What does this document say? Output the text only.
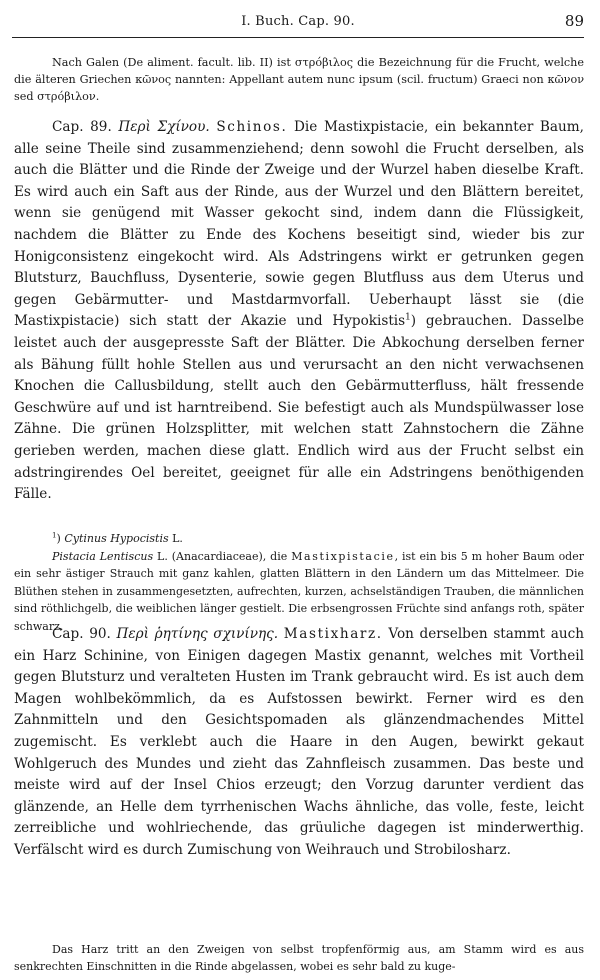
I. Buch. Cap. 90.	89

Nach Galen (De aliment. facult. lib. II) ist στρόβιλος die Bezeichnung für die Frucht, welche die älteren Griechen κῶνος nannten: Appellant autem nunc ipsum (scil. fructum) Graeci non κῶνον sed στρόβιλον.

Cap. 89. Περὶ Σχίνου. Schinos. Die Mastixpistacie, ein bekannter Baum, alle seine Theile sind zusammenziehend; denn sowohl die Frucht derselben, als auch die Blätter und die Rinde der Zweige und der Wurzel haben dieselbe Kraft. Es wird auch ein Saft aus der Rinde, aus der Wurzel und den Blättern bereitet, wenn sie genügend mit Wasser gekocht sind, indem dann die Flüssigkeit, nachdem die Blätter zu Ende des Kochens beseitigt sind, wieder bis zur Honigconsistenz eingekocht wird. Als Adstringens wirkt er getrunken gegen Blutsturz, Bauchfluss, Dysenterie, sowie gegen Blutfluss aus dem Uterus und gegen Gebärmutter- und Mastdarmvorfall. Ueberhaupt lässt sie (die Mastixpistacie) sich statt der Akazie und Hypokistis$^1$) gebrauchen. Dasselbe leistet auch der ausgepresste Saft der Blätter. Die Abkochung derselben ferner als Bähung füllt hohle Stellen aus und verursacht an den nicht verwachsenen Knochen die Callusbildung, stellt auch den Gebärmutterfluss, hält fressende Geschwüre auf und ist harntreibend. Sie befestigt auch als Mundspülwasser lose Zähne. Die grünen Holzsplitter, mit welchen statt Zahnstochern die Zähne gerieben werden, machen diese glatt. Endlich wird aus der Frucht selbst ein adstringirendes Oel bereitet, geeignet für alle ein Adstringens benöthigenden Fälle.

$^1$) Cytinus Hypocistis L.

Pistacia Lentiscus L. (Anacardiaceae), die Mastixpistacie, ist ein bis 5 m hoher Baum oder ein sehr ästiger Strauch mit ganz kahlen, glatten Blättern in den Ländern um das Mittelmeer. Die Blüthen stehen in zusammengesetzten, aufrechten, kurzen, achselständigen Trauben, die männlichen sind röthlichgelb, die weiblichen länger gestielt. Die erbsengrossen Früchte sind anfangs roth, später schwarz.

Cap. 90. Περὶ ῥητίνης σχινίνης. Mastixharz. Von derselben stammt auch ein Harz Schinine, von Einigen dagegen Mastix genannt, welches mit Vortheil gegen Blutsturz und veralteten Husten im Trank gebraucht wird. Es ist auch dem Magen wohlbekömmlich, da es Aufstossen bewirkt. Ferner wird es den Zahnmitteln und den Gesichtspomaden als glänzendmachendes Mittel zugemischt. Es verklebt auch die Haare in den Augen, bewirkt gekaut Wohlgeruch des Mundes und zieht das Zahnfleisch zusammen. Das beste und meiste wird auf der Insel Chios erzeugt; den Vorzug darunter verdient das glänzende, an Helle dem tyrrhenischen Wachs ähnliche, das volle, feste, leicht zerreibliche und wohlriechende, das grüuliche dagegen ist minderwerthig. Verfälscht wird es durch Zumischung von Weihrauch und Strobilosharz.

Das Harz tritt an den Zweigen von selbst tropfenförmig aus, am Stamm wird es aus senkrechten Einschnitten in die Rinde abgelassen, wobei es sehr bald zu kuge-
